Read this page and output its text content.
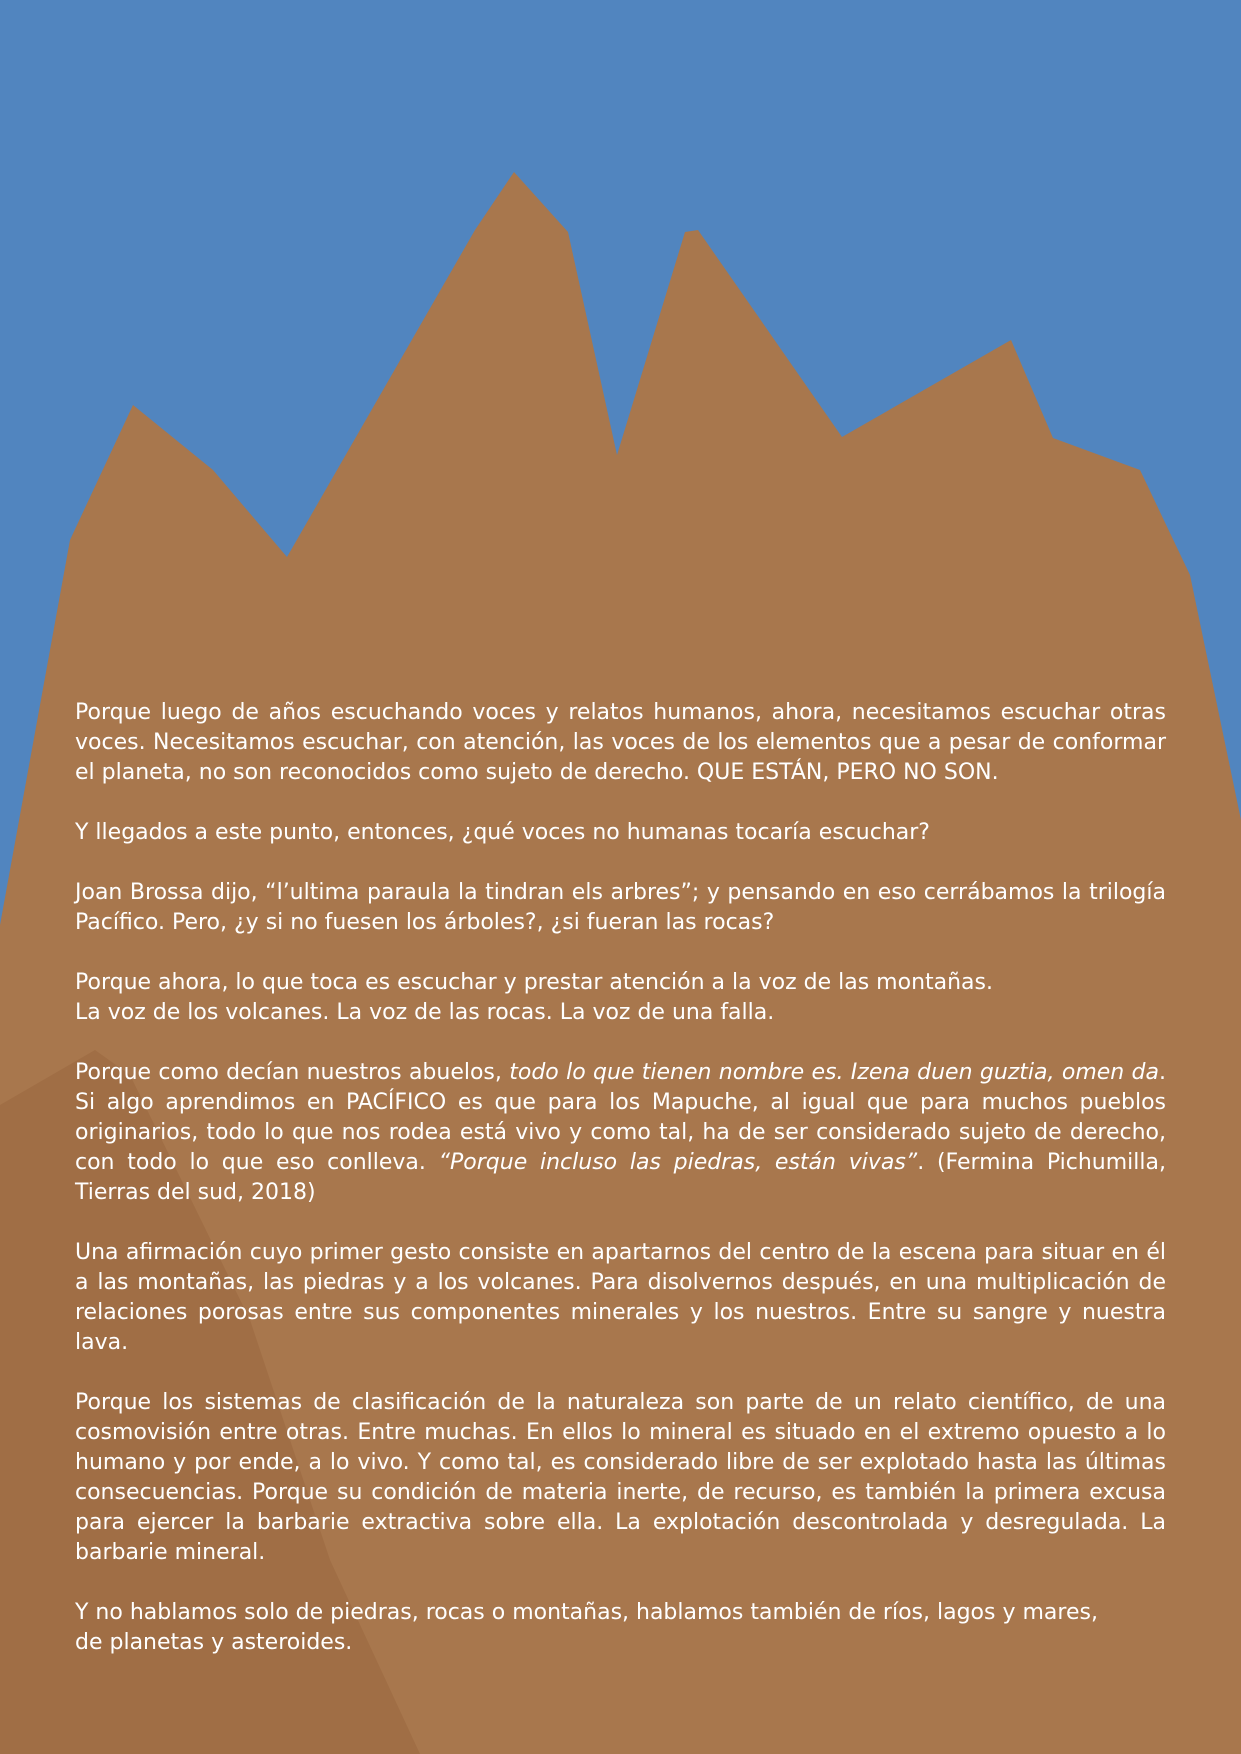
Porque luego de años escuchando voces y relatos humanos, ahora, necesitamos escuchar otras voces. Necesitamos escuchar, con atención, las voces de los elementos que a pesar de conformar el planeta, no son reconocidos como sujeto de derecho. QUE ESTÁN, PERO NO SON.

Y llegados a este punto, entonces, ¿qué voces no humanas tocaría escuchar?

Joan Brossa dijo, “l’ultima paraula la tindran els arbres”; y pensando en eso cerrábamos la trilogía Pacífico. Pero, ¿y si no fuesen los árboles?, ¿si fueran las rocas?

Porque ahora, lo que toca es escuchar y prestar atención a la voz de las montañas.
La voz de los volcanes. La voz de las rocas. La voz de una falla.

Porque como decían nuestros abuelos, todo lo que tienen nombre es. Izena duen guztia, omen da. Si algo aprendimos en PACÍFICO es que para los Mapuche, al igual que para muchos pueblos originarios, todo lo que nos rodea está vivo y como tal, ha de ser considerado sujeto de derecho, con todo lo que eso conlleva. “Porque incluso las piedras, están vivas”. (Fermina Pichumilla, Tierras del sud, 2018)

Una afirmación cuyo primer gesto consiste en apartarnos del centro de la escena para situar en él a las montañas, las piedras y a los volcanes. Para disolvernos después, en una multiplicación de relaciones porosas entre sus componentes minerales y los nuestros. Entre su sangre y nuestra lava.

Porque los sistemas de clasificación de la naturaleza son parte de un relato científico, de una cosmovisión entre otras. Entre muchas. En ellos lo mineral es situado en el extremo opuesto a lo humano y por ende, a lo vivo. Y como tal, es considerado libre de ser explotado hasta las últimas consecuencias. Porque su condición de materia inerte, de recurso, es también la primera excusa para ejercer la barbarie extractiva sobre ella. La explotación descontrolada y desregulada. La barbarie mineral.

Y no hablamos solo de piedras, rocas o montañas, hablamos también de ríos, lagos y mares,
de planetas y asteroides.
